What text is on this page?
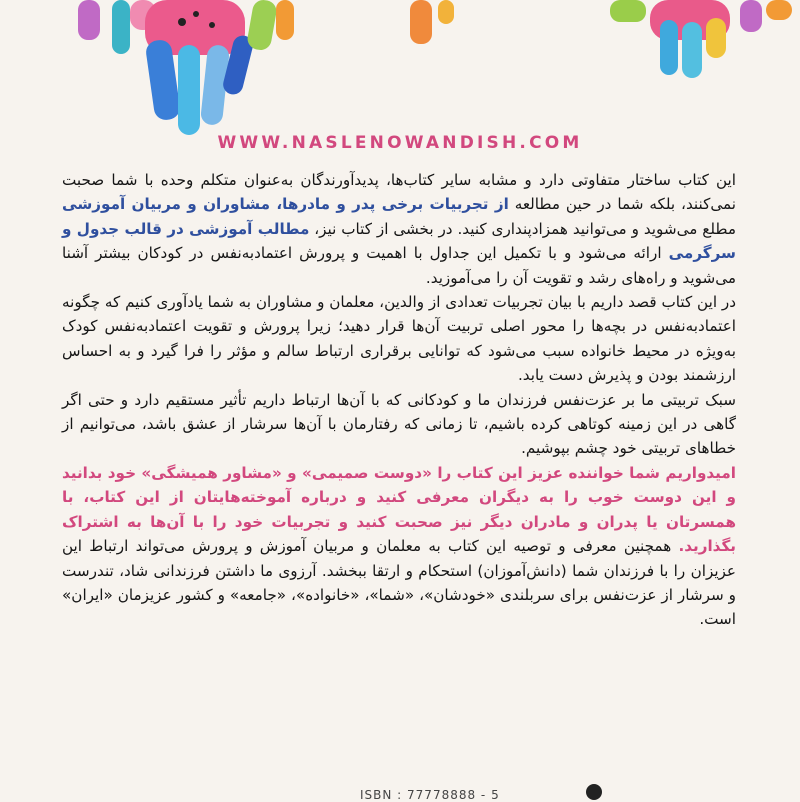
WWW.NASLENOWANDISH.COM

این کتاب ساختار متفاوتی دارد و مشابه سایر کتاب‌ها، پدیدآورندگان به‌عنوان متکلم وحده با شما صحبت نمی‌کنند، بلکه شما در حین مطالعه از تجربیات برخی پدر و مادرها، مشاوران و مربیان آموزشی مطلع می‌شوید و می‌توانید همزادپنداری کنید. در بخشی از کتاب نیز، مطالب آموزشی در قالب جدول و سرگرمی ارائه می‌شود و با تکمیل این جداول با اهمیت و پرورش اعتمادبه‌نفس در کودکان بیشتر آشنا می‌شوید و راه‌های رشد و تقویت آن را می‌آموزید.

در این کتاب قصد داریم با بیان تجربیات تعدادی از والدین، معلمان و مشاوران به شما یادآوری کنیم که چگونه اعتمادبه‌نفس در بچه‌ها را محور اصلی تربیت آن‌ها قرار دهید؛ زیرا پرورش و تقویت اعتمادبه‌نفس کودک به‌ویژه در محیط خانواده سبب می‌شود که توانایی برقراری ارتباط سالم و مؤثر را فرا گیرد و به احساس ارزشمند بودن و پذیرش دست یابد.

سبک تربیتی ما بر عزت‌نفس فرزندان ما و کودکانی که با آن‌ها ارتباط داریم تأثیر مستقیم دارد و حتی اگر گاهی در این زمینه کوتاهی کرده باشیم، تا زمانی که رفتارمان با آن‌ها سرشار از عشق باشد، می‌توانیم از خطاهای تربیتی خود چشم بپوشیم.

امیدواریم شما خواننده عزیز این کتاب را «دوست صمیمی» و «مشاور همیشگی» خود بدانید و این دوست خوب را به دیگران معرفی کنید و درباره آموخته‌هایتان از این کتاب، با همسرتان یا پدران و مادران دیگر نیز صحبت کنید و تجربیات خود را با آن‌ها به اشتراک بگذارید. همچنین معرفی و توصیه این کتاب به معلمان و مربیان آموزش و پرورش می‌تواند ارتباط این عزیزان را با فرزندان شما (دانش‌آموزان) استحکام و ارتقا ببخشد. آرزوی ما داشتن فرزندانی شاد، تندرست و سرشار از عزت‌نفس برای سربلندی «خودشان»، «شما»، «خانواده»، «جامعه» و کشور عزیزمان «ایران» است.

ISBN : 77778888 - 5
